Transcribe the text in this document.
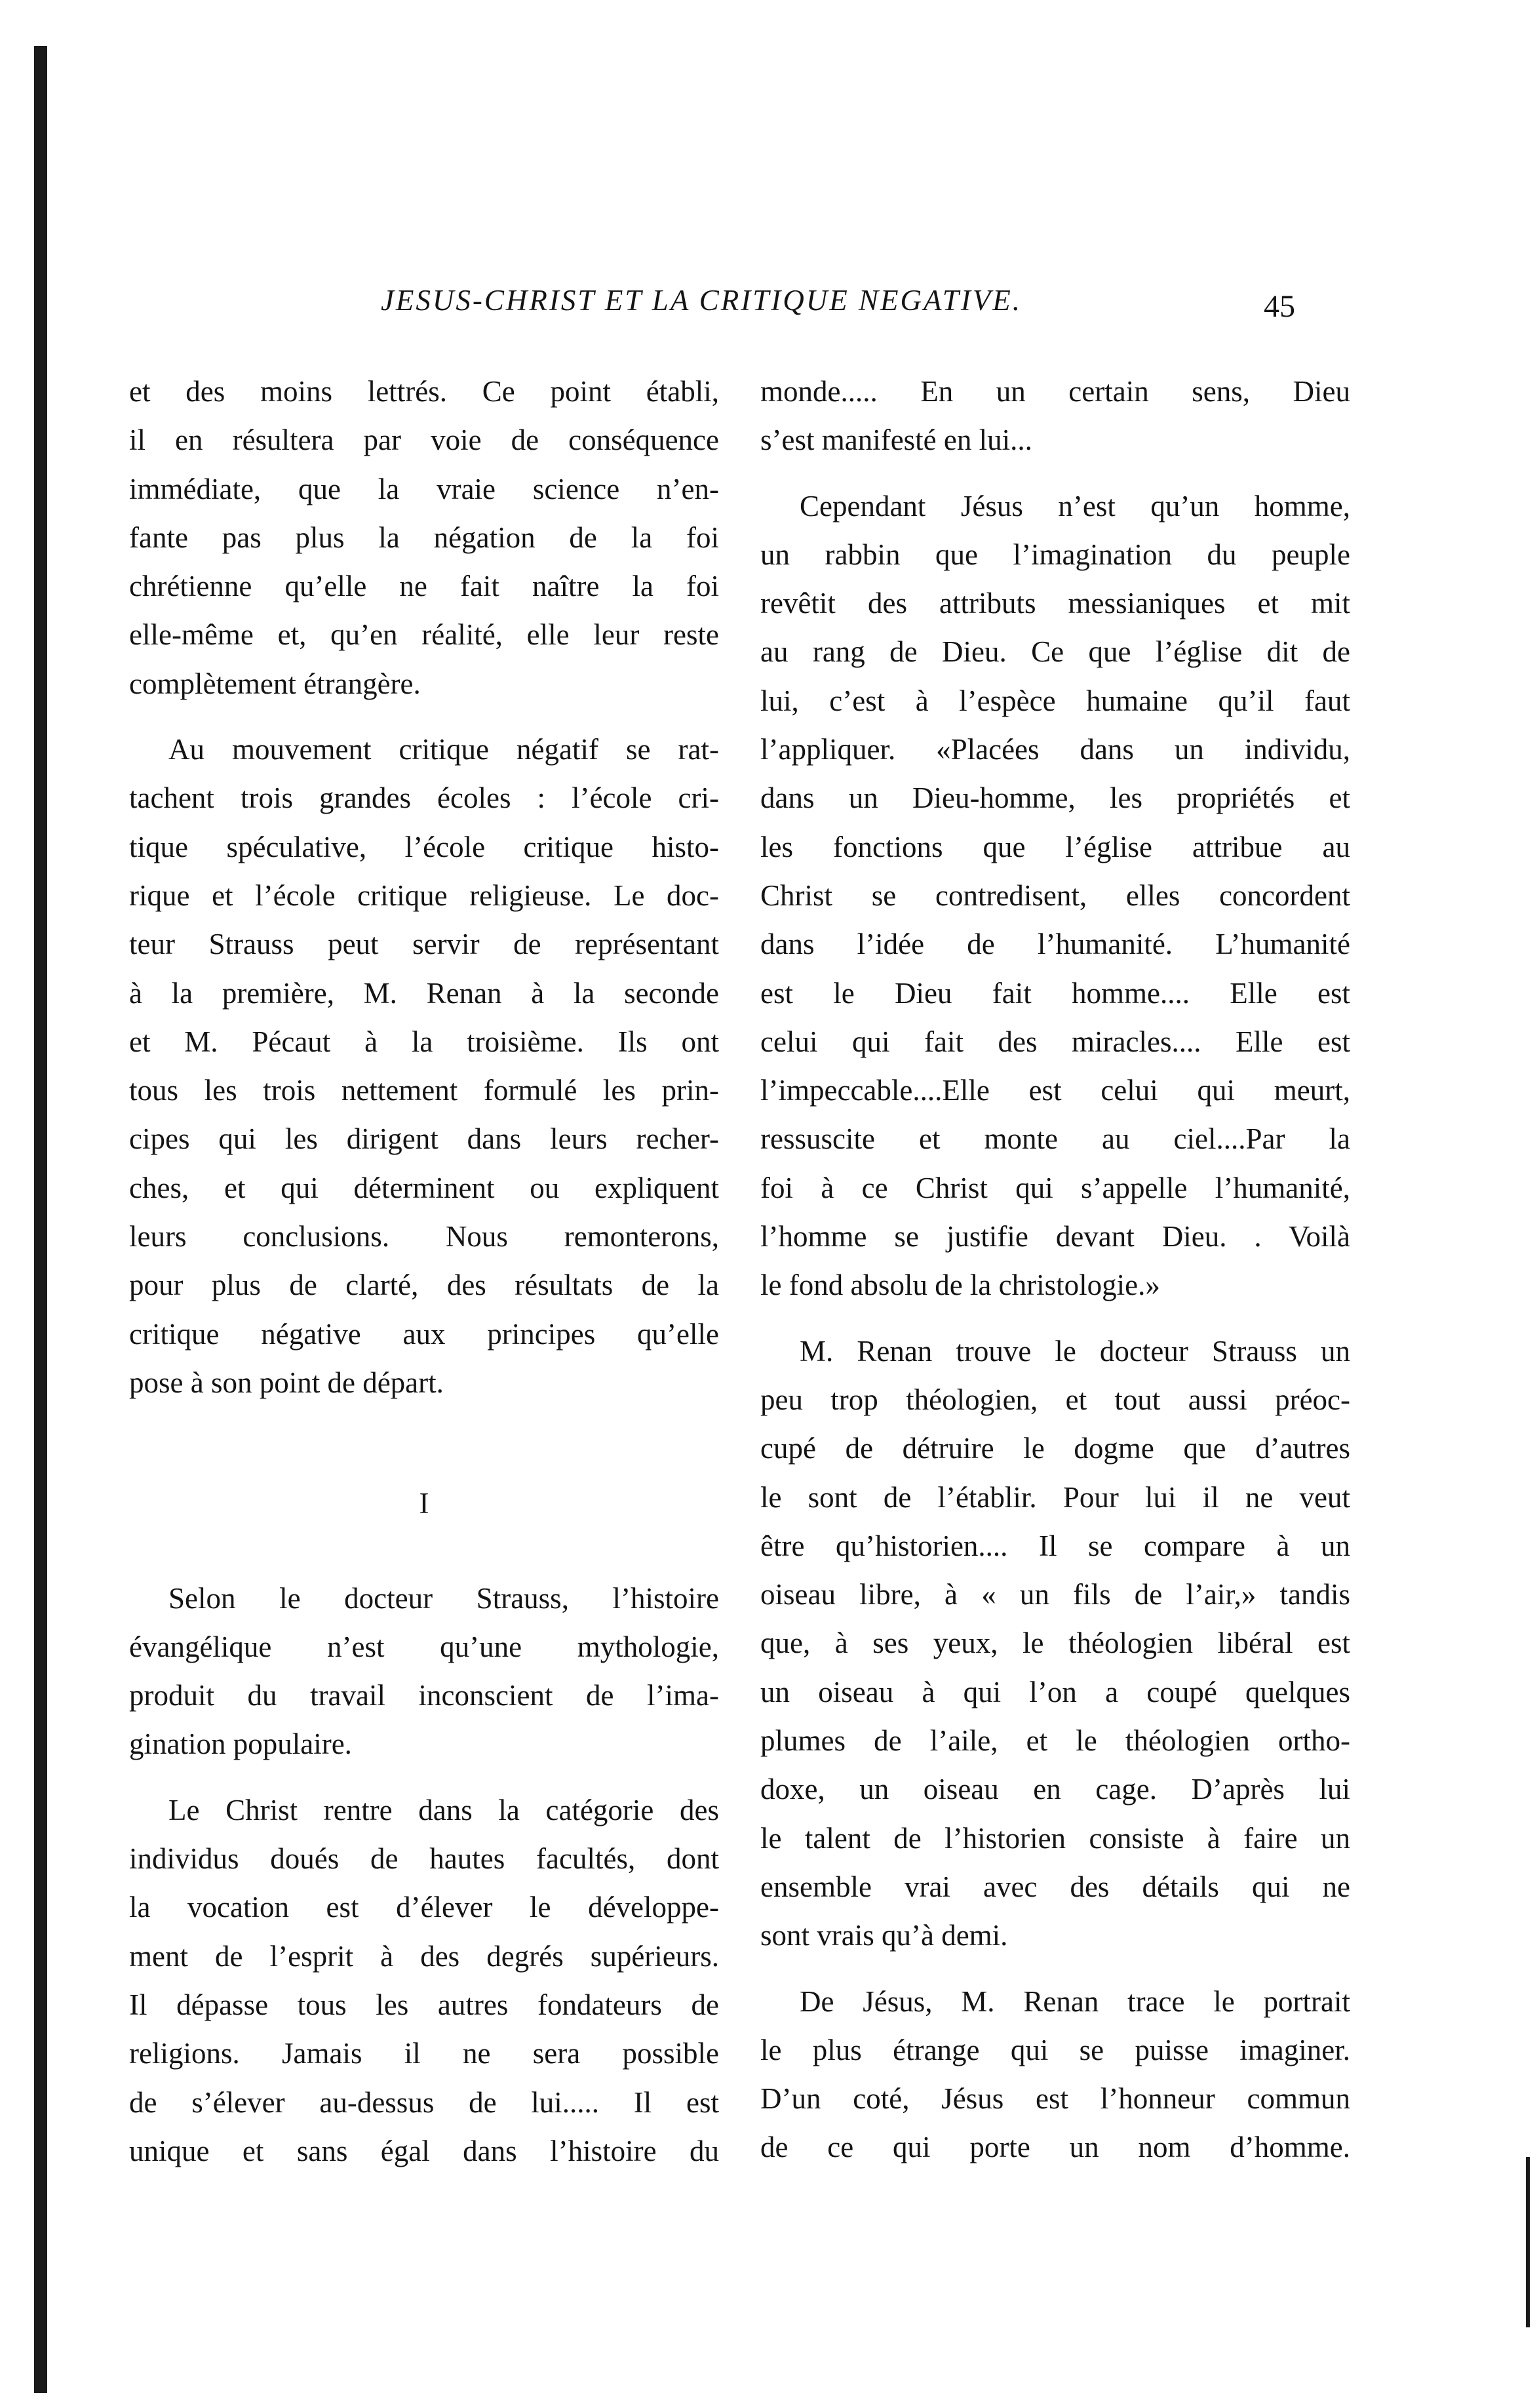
JESUS-CHRIST ET LA CRITIQUE NEGATIVE.	45
et des moins lettrés. Ce point établi,
il en résultera par voie de conséquence
immédiate, que la vraie science n’en-
fante pas plus la négation de la foi
chrétienne qu’elle ne fait naître la foi
elle-même et, qu’en réalité, elle leur reste
complètement étrangère.
Au mouvement critique négatif se rat-
tachent trois grandes écoles : l’école cri-
tique spéculative, l’école critique histo-
rique et l’école critique religieuse. Le doc-
teur Strauss peut servir de représentant
à la première, M. Renan à la seconde
et M. Pécaut à la troisième. Ils ont
tous les trois nettement formulé les prin-
cipes qui les dirigent dans leurs recher-
ches, et qui déterminent ou expliquent
leurs conclusions. Nous remonterons,
pour plus de clarté, des résultats de la
critique négative aux principes qu’elle
pose à son point de départ.
I
Selon le docteur Strauss, l’histoire
évangélique n’est qu’une mythologie,
produit du travail inconscient de l’ima-
gination populaire.
Le Christ rentre dans la catégorie des
individus doués de hautes facultés, dont
la vocation est d’élever le développe-
ment de l’esprit à des degrés supérieurs.
Il dépasse tous les autres fondateurs de
religions. Jamais il ne sera possible
de s’élever au-dessus de lui..... Il est
unique et sans égal dans l’histoire du
monde..... En un certain sens, Dieu
s’est manifesté en lui...
Cependant Jésus n’est qu’un homme,
un rabbin que l’imagination du peuple
revêtit des attributs messianiques et mit
au rang de Dieu. Ce que l’église dit de
lui, c’est à l’espèce humaine qu’il faut
l’appliquer. «Placées dans un individu,
dans un Dieu-homme, les propriétés et
les fonctions que l’église attribue au
Christ se contredisent, elles concordent
dans l’idée de l’humanité. L’humanité
est le Dieu fait homme.... Elle est
celui qui fait des miracles.... Elle est
l’impeccable....Elle est celui qui meurt,
ressuscite et monte au ciel....Par la
foi à ce Christ qui s’appelle l’humanité,
l’homme se justifie devant Dieu. . Voilà
le fond absolu de la christologie.»
M. Renan trouve le docteur Strauss un
peu trop théologien, et tout aussi préoc-
cupé de détruire le dogme que d’autres
le sont de l’établir. Pour lui il ne veut
être qu’historien.... Il se compare à un
oiseau libre, à « un fils de l’air,» tandis
que, à ses yeux, le théologien libéral est
un oiseau à qui l’on a coupé quelques
plumes de l’aile, et le théologien ortho-
doxe, un oiseau en cage. D’après lui
le talent de l’historien consiste à faire un
ensemble vrai avec des détails qui ne
sont vrais qu’à demi.
De Jésus, M. Renan trace le portrait
le plus étrange qui se puisse imaginer.
D’un coté, Jésus est l’honneur commun
de ce qui porte un nom d’homme.
